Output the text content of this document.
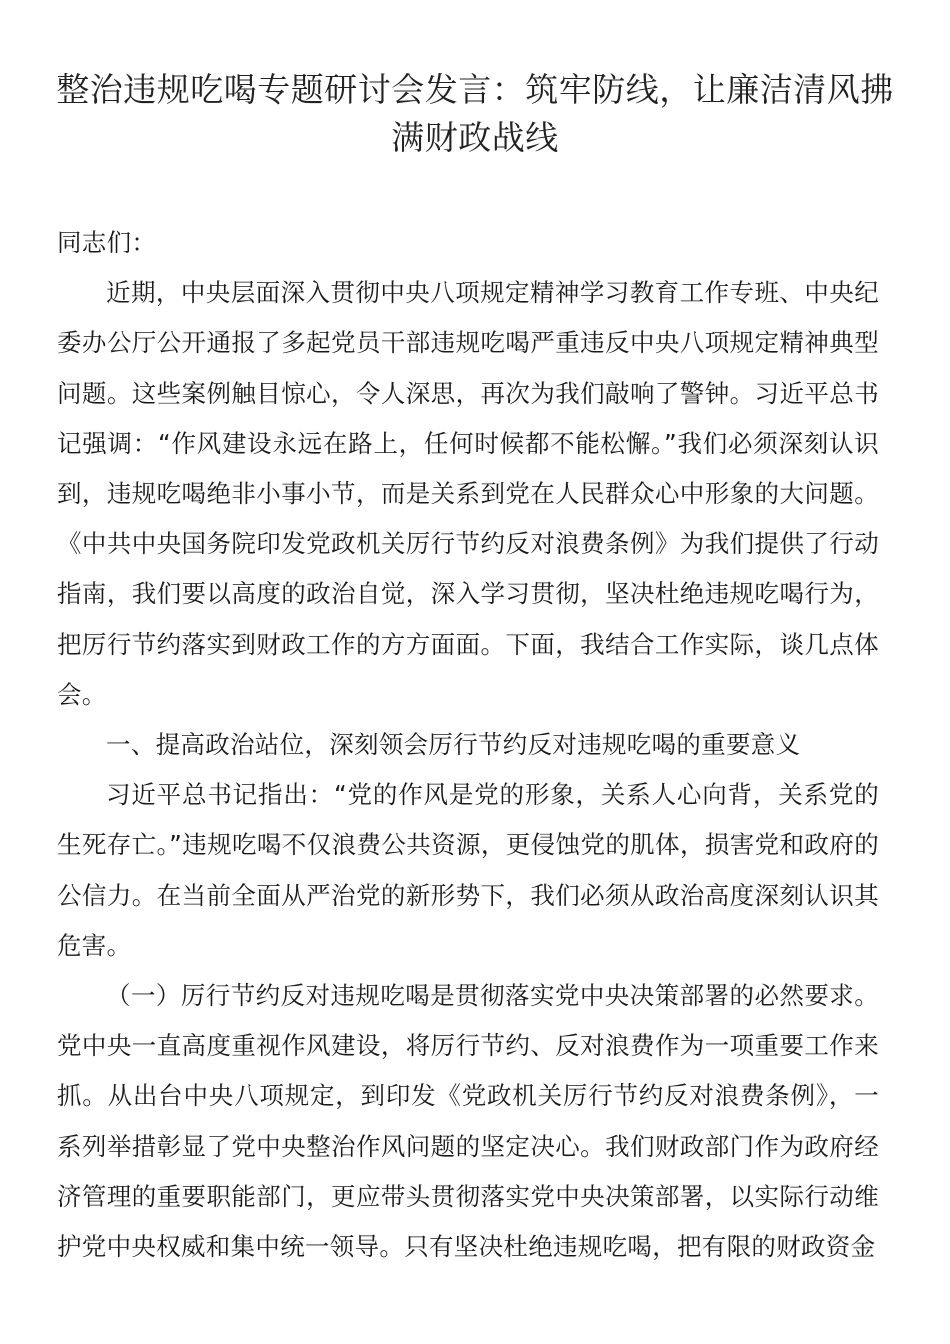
整治违规吃喝专题研讨会发言：筑牢防线，让廉洁清风拂满财政战线

同志们：

近期，中央层面深入贯彻中央八项规定精神学习教育工作专班、中央纪委办公厅公开通报了多起党员干部违规吃喝严重违反中央八项规定精神典型问题。这些案例触目惊心，令人深思，再次为我们敲响了警钟。习近平总书记强调：“作风建设永远在路上，任何时候都不能松懈。”我们必须深刻认识到，违规吃喝绝非小事小节，而是关系到党在人民群众心中形象的大问题。《中共中央国务院印发党政机关厉行节约反对浪费条例》为我们提供了行动指南，我们要以高度的政治自觉，深入学习贯彻，坚决杜绝违规吃喝行为，把厉行节约落实到财政工作的方方面面。下面，我结合工作实际，谈几点体会。

一、提高政治站位，深刻领会厉行节约反对违规吃喝的重要意义

习近平总书记指出：“党的作风是党的形象，关系人心向背，关系党的生死存亡。”违规吃喝不仅浪费公共资源，更侵蚀党的肌体，损害党和政府的公信力。在当前全面从严治党的新形势下，我们必须从政治高度深刻认识其危害。

（一）厉行节约反对违规吃喝是贯彻落实党中央决策部署的必然要求。党中央一直高度重视作风建设，将厉行节约、反对浪费作为一项重要工作来抓。从出台中央八项规定，到印发《党政机关厉行节约反对浪费条例》，一系列举措彰显了党中央整治作风问题的坚定决心。我们财政部门作为政府经济管理的重要职能部门，更应带头贯彻落实党中央决策部署，以实际行动维护党中央权威和集中统一领导。只有坚决杜绝违规吃喝，把有限的财政资金
